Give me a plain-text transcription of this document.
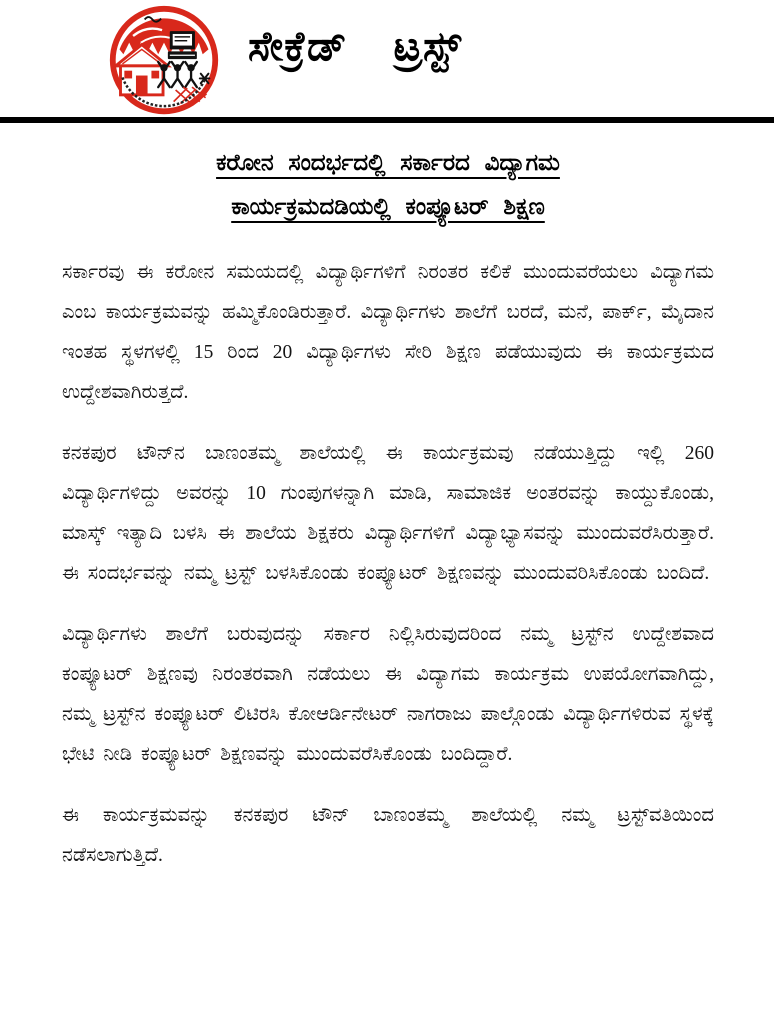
ಸೇಕ್ರೆಡ್ ಟ್ರಸ್ಟ್
ಕರೋನ ಸಂದರ್ಭದಲ್ಲಿ ಸರ್ಕಾರದ ವಿದ್ಯಾಗಮ
ಕಾರ್ಯಕ್ರಮದಡಿಯಲ್ಲಿ ಕಂಪ್ಯೂಟರ್ ಶಿಕ್ಷಣ

ಸರ್ಕಾರವು ಈ ಕರೋನ ಸಮಯದಲ್ಲಿ ವಿದ್ಯಾರ್ಥಿಗಳಿಗೆ ನಿರಂತರ ಕಲಿಕೆ ಮುಂದುವರೆಯಲು ವಿದ್ಯಾಗಮ ಎಂಬ ಕಾರ್ಯಕ್ರಮವನ್ನು ಹಮ್ಮಿಕೊಂಡಿರುತ್ತಾರೆ. ವಿದ್ಯಾರ್ಥಿಗಳು ಶಾಲೆಗೆ ಬರದೆ, ಮನೆ, ಪಾರ್ಕ್, ಮೈದಾನ ಇಂತಹ ಸ್ಥಳಗಳಲ್ಲಿ 15 ರಿಂದ 20 ವಿದ್ಯಾರ್ಥಿಗಳು ಸೇರಿ ಶಿಕ್ಷಣ ಪಡೆಯುವುದು ಈ ಕಾರ್ಯಕ್ರಮದ ಉದ್ದೇಶವಾಗಿರುತ್ತದೆ.

ಕನಕಪುರ ಟೌನ್‌ನ ಬಾಣಂತಮ್ಮ ಶಾಲೆಯಲ್ಲಿ ಈ ಕಾರ್ಯಕ್ರಮವು ನಡೆಯುತ್ತಿದ್ದು ಇಲ್ಲಿ 260 ವಿದ್ಯಾರ್ಥಿಗಳಿದ್ದು ಅವರನ್ನು 10 ಗುಂಪುಗಳನ್ನಾಗಿ ಮಾಡಿ, ಸಾಮಾಜಿಕ ಅಂತರವನ್ನು ಕಾಯ್ದುಕೊಂಡು, ಮಾಸ್ಕ್ ಇತ್ಯಾದಿ ಬಳಸಿ ಈ ಶಾಲೆಯ ಶಿಕ್ಷಕರು ವಿದ್ಯಾರ್ಥಿಗಳಿಗೆ ವಿದ್ಯಾಭ್ಯಾಸವನ್ನು ಮುಂದುವರೆಸಿರುತ್ತಾರೆ. ಈ ಸಂದರ್ಭವನ್ನು ನಮ್ಮ ಟ್ರಸ್ಟ್ ಬಳಸಿಕೊಂಡು ಕಂಪ್ಯೂಟರ್ ಶಿಕ್ಷಣವನ್ನು ಮುಂದುವರಿಸಿಕೊಂಡು ಬಂದಿದೆ.

ವಿದ್ಯಾರ್ಥಿಗಳು ಶಾಲೆಗೆ ಬರುವುದನ್ನು ಸರ್ಕಾರ ನಿಲ್ಲಿಸಿರುವುದರಿಂದ ನಮ್ಮ ಟ್ರಸ್ಟ್‌ನ ಉದ್ದೇಶವಾದ ಕಂಪ್ಯೂಟರ್ ಶಿಕ್ಷಣವು ನಿರಂತರವಾಗಿ ನಡೆಯಲು ಈ ವಿದ್ಯಾಗಮ ಕಾರ್ಯಕ್ರಮ ಉಪಯೋಗವಾಗಿದ್ದು, ನಮ್ಮ ಟ್ರಸ್ಟ್‌ನ ಕಂಪ್ಯೂಟರ್ ಲಿಟಿರಸಿ ಕೋಆರ್ಡಿನೇಟರ್ ನಾಗರಾಜು ಪಾಲ್ಗೊಂಡು ವಿದ್ಯಾರ್ಥಿಗಳಿರುವ ಸ್ಥಳಕ್ಕೆ ಭೇಟಿ ನೀಡಿ ಕಂಪ್ಯೂಟರ್ ಶಿಕ್ಷಣವನ್ನು ಮುಂದುವರೆಸಿಕೊಂಡು ಬಂದಿದ್ದಾರೆ.

ಈ ಕಾರ್ಯಕ್ರಮವನ್ನು ಕನಕಪುರ ಟೌನ್ ಬಾಣಂತಮ್ಮ ಶಾಲೆಯಲ್ಲಿ ನಮ್ಮ ಟ್ರಸ್ಟ್‌ವತಿಯಿಂದ ನಡೆಸಲಾಗುತ್ತಿದೆ.
